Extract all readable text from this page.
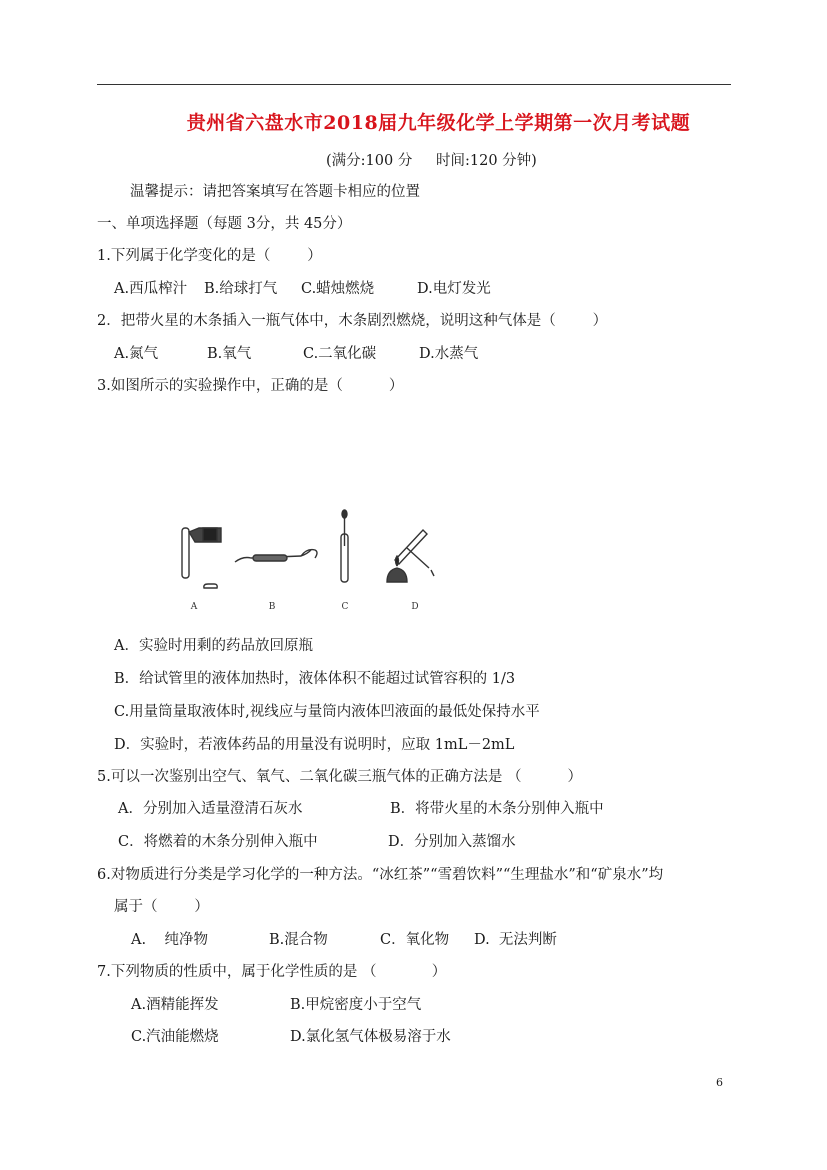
贵州省六盘水市2018届九年级化学上学期第一次月考试题
(满分:100 分 时间:120 分钟)
温馨提示：请把答案填写在答题卡相应的位置
一、单项选择题（每题 3分，共 45分）
1.下列属于化学变化的是（        ）
A.西瓜榨汁 B.给球打气 C.蜡烛燃烧	D.电灯发光
2．把带火星的木条插入一瓶气体中，木条剧烈燃烧，说明这种气体是（        ）
A.氮气	B.氧气	C.二氧化碳	D.水蒸气
3.如图所示的实验操作中，正确的是（          ）
A	B	C	D
A．实验时用剩的药品放回原瓶
B．给试管里的液体加热时，液体体积不能超过试管容积的 1/3
C.用量筒量取液体时,视线应与量筒内液体凹液面的最低处保持水平
D．实验时，若液体药品的用量没有说明时，应取 1mL－2mL
5.可以一次鉴别出空气、氧气、二氧化碳三瓶气体的正确方法是 （          ）
A．分别加入适量澄清石灰水	B．将带火星的木条分别伸入瓶中
C．将燃着的木条分别伸入瓶中	D．分别加入蒸馏水
6.对物质进行分类是学习化学的一种方法。“冰红茶”“雪碧饮料”“生理盐水”和“矿泉水”均
属于（        ）
A.    纯净物	B.混合物	C．氧化物 D.  无法判断
7.下列物质的性质中，属于化学性质的是 （            ）
A.酒精能挥发	B.甲烷密度小于空气
C.汽油能燃烧	D.氯化氢气体极易溶于水
6
